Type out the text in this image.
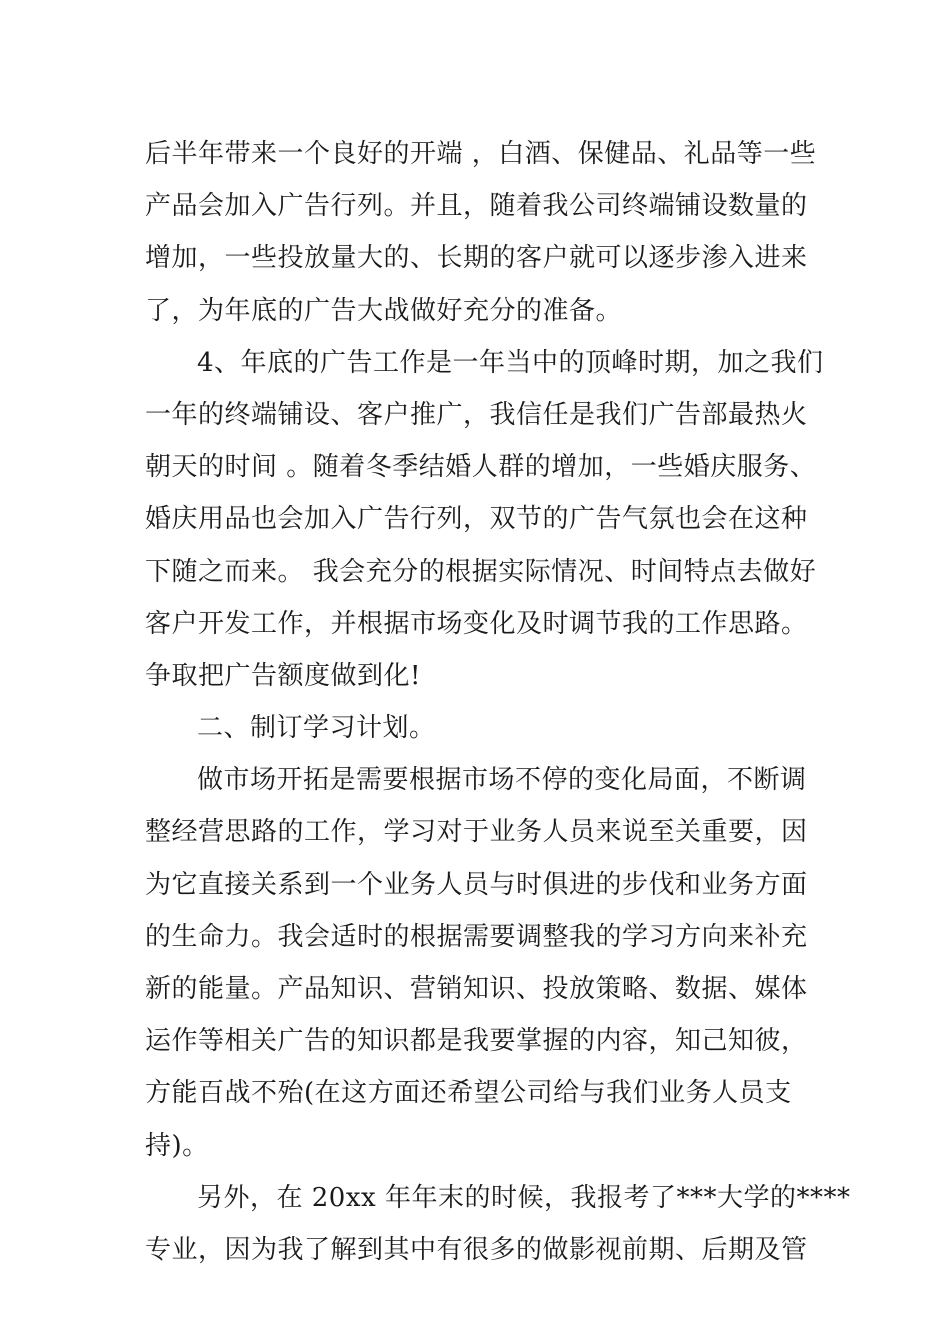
后半年带来一个良好的开端 ，白酒、保健品、礼品等一些
产品会加入广告行列。并且，随着我公司终端铺设数量的
增加，一些投放量大的、长期的客户就可以逐步渗入进来
了，为年底的广告大战做好充分的准备。
4、年底的广告工作是一年当中的顶峰时期，加之我们
一年的终端铺设、客户推广，我信任是我们广告部最热火
朝天的时间 。随着冬季结婚人群的增加，一些婚庆服务、
婚庆用品也会加入广告行列，双节的广告气氛也会在这种
下随之而来。 我会充分的根据实际情况、时间特点去做好
客户开发工作，并根据市场变化及时调节我的工作思路。
争取把广告额度做到化!
二、制订学习计划。
做市场开拓是需要根据市场不停的变化局面，不断调
整经营思路的工作，学习对于业务人员来说至关重要，因
为它直接关系到一个业务人员与时俱进的步伐和业务方面
的生命力。我会适时的根据需要调整我的学习方向来补充
新的能量。产品知识、营销知识、投放策略、数据、媒体
运作等相关广告的知识都是我要掌握的内容，知己知彼，
方能百战不殆(在这方面还希望公司给与我们业务人员支
持)。
另外，在 20xx 年年末的时候，我报考了***大学的****
专业，因为我了解到其中有很多的做影视前期、后期及管
